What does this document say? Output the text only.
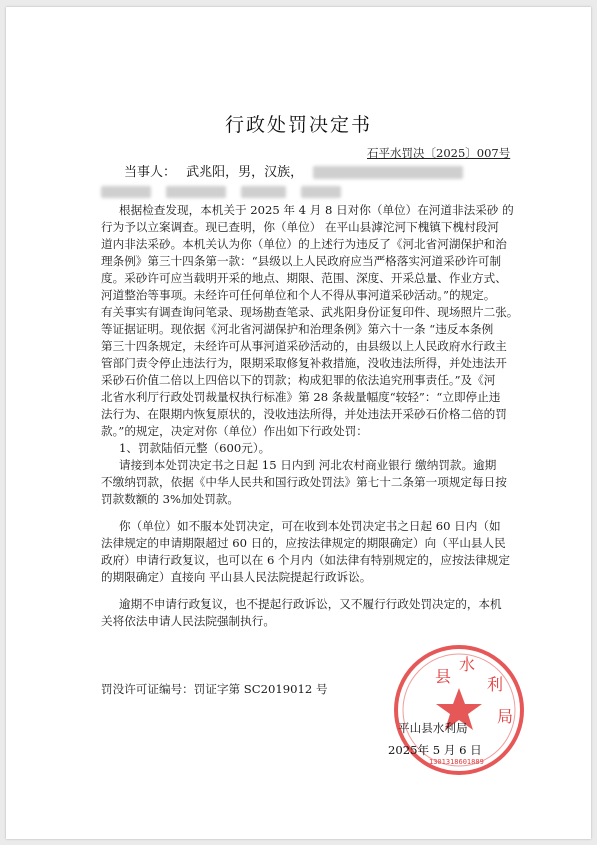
行政处罚决定书
石平水罚决〔2025〕007号
当事人： 武兆阳，男，汉族，

根据检查发现，本机关于 2025 年 4 月 8 日对你（单位）在河道非法采砂 的
行为予以立案调查。现已查明，你（单位） 在平山县滹沱河下槐镇下槐村段河
道内非法采砂。本机关认为你（单位）的上述行为违反了《河北省河湖保护和治
理条例》第三十四条第一款：“县级以上人民政府应当严格落实河道采砂许可制
度。采砂许可应当载明开采的地点、期限、范围、深度、开采总量、作业方式、
河道整治等事项。未经许可任何单位和个人不得从事河道采砂活动。”的规定。
有关事实有调查询问笔录、现场勘查笔录、武兆阳身份证复印件、现场照片二张。
等证据证明。现依据《河北省河湖保护和治理条例》第六十一条 “违反本条例
第三十四条规定，未经许可从事河道采砂活动的，由县级以上人民政府水行政主
管部门责令停止违法行为，限期采取修复补救措施，没收违法所得，并处违法开
采砂石价值二倍以上四倍以下的罚款；构成犯罪的依法追究刑事责任。”及《河
北省水利厅行政处罚裁量权执行标准》第 28 条裁量幅度“较轻”：“立即停止违
法行为、在限期内恢复原状的，没收违法所得，并处违法开采砂石价格二倍的罚
款。”的规定，决定对你（单位）作出如下行政处罚：
1、罚款陆佰元整（600元）。
请接到本处罚决定书之日起 15 日内到 河北农村商业银行 缴纳罚款。逾期
不缴纳罚款，依据《中华人民共和国行政处罚法》第七十二条第一项规定每日按
罚款数额的 3%加处罚款。
你（单位）如不服本处罚决定，可在收到本处罚决定书之日起 60 日内（如
法律规定的申请期限超过 60 日的，应按法律规定的期限确定）向（平山县人民
政府）申请行政复议，也可以在 6 个月内（如法律有特别规定的，应按法律规定
的期限确定）直接向 平山县人民法院提起行政诉讼。
逾期不申请行政复议，也不提起行政诉讼，又不履行行政处罚决定的，本机
关将依法申请人民法院强制执行。
罚没许可证编号：罚证字第 SC2019012 号
县
水
利
局
1301318601889
平山县水利局
2025年 5 月 6 日
